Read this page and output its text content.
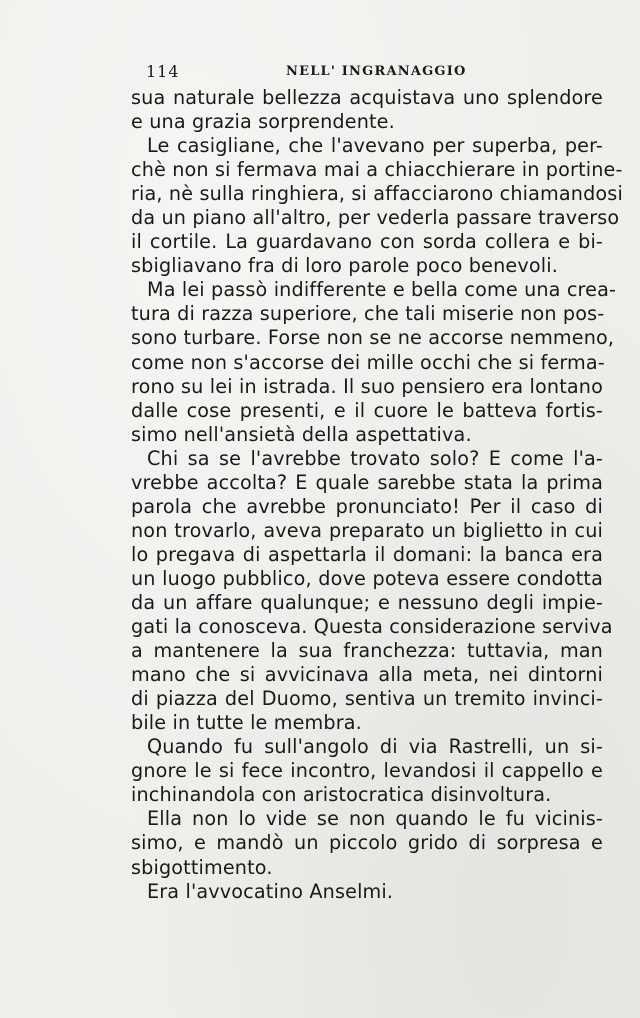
114	NELL' INGRANAGGIO
sua naturale bellezza acquistava uno splendore
e una grazia sorprendente.
Le casigliane, che l'avevano per superba, per-
chè non si fermava mai a chiacchierare in portine-
ria, nè sulla ringhiera, si affacciarono chiamandosi
da un piano all'altro, per vederla passare traverso
il cortile. La guardavano con sorda collera e bi-
sbigliavano fra di loro parole poco benevoli.
Ma lei passò indifferente e bella come una crea-
tura di razza superiore, che tali miserie non pos-
sono turbare. Forse non se ne accorse nemmeno,
come non s'accorse dei mille occhi che si ferma-
rono su lei in istrada. Il suo pensiero era lontano
dalle cose presenti, e il cuore le batteva fortis-
simo nell'ansietà della aspettativa.
Chi sa se l'avrebbe trovato solo? E come l'a-
vrebbe accolta? E quale sarebbe stata la prima
parola che avrebbe pronunciato! Per il caso di
non trovarlo, aveva preparato un biglietto in cui
lo pregava di aspettarla il domani: la banca era
un luogo pubblico, dove poteva essere condotta
da un affare qualunque; e nessuno degli impie-
gati la conosceva. Questa considerazione serviva
a mantenere la sua franchezza: tuttavia, man
mano che si avvicinava alla meta, nei dintorni
di piazza del Duomo, sentiva un tremito invinci-
bile in tutte le membra.
Quando fu sull'angolo di via Rastrelli, un si-
gnore le si fece incontro, levandosi il cappello e
inchinandola con aristocratica disinvoltura.
Ella non lo vide se non quando le fu vicinis-
simo, e mandò un piccolo grido di sorpresa e
sbigottimento.
Era l'avvocatino Anselmi.
